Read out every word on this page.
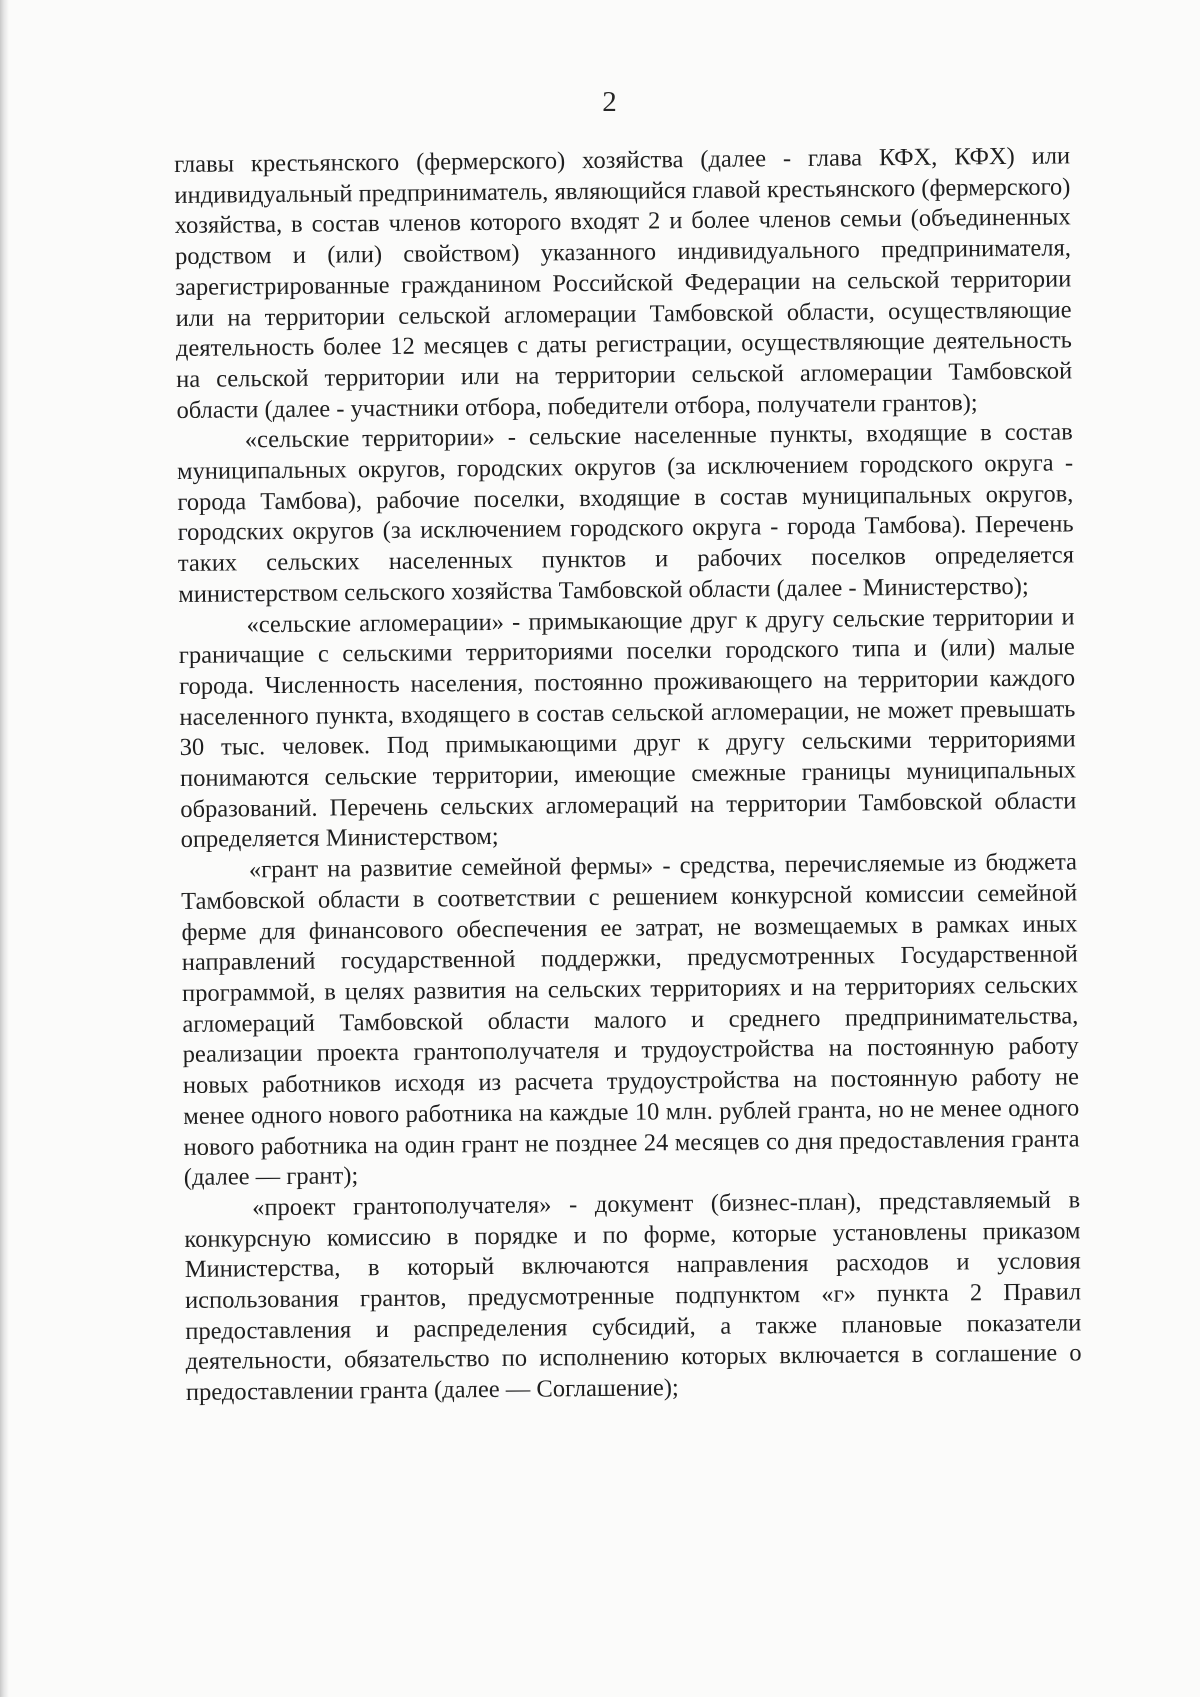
2

главы крестьянского (фермерского) хозяйства (далее - глава КФХ, КФХ) или индивидуальный предприниматель, являющийся главой крестьянского (фермерского) хозяйства, в состав членов которого входят 2 и более членов семьи (объединенных родством и (или) свойством) указанного индивидуального предпринимателя, зарегистрированные гражданином Российской Федерации на сельской территории или на территории сельской агломерации Тамбовской области, осуществляющие деятельность более 12 месяцев с даты регистрации, осуществляющие деятельность на сельской территории или на территории сельской агломерации Тамбовской области (далее - участники отбора, победители отбора, получатели грантов);

«сельские территории» - сельские населенные пункты, входящие в состав муниципальных округов, городских округов (за исключением городского округа - города Тамбова), рабочие поселки, входящие в состав муниципальных округов, городских округов (за исключением городского округа - города Тамбова). Перечень таких сельских населенных пунктов и рабочих поселков определяется министерством сельского хозяйства Тамбовской области (далее - Министерство);

«сельские агломерации» - примыкающие друг к другу сельские территории и граничащие с сельскими территориями поселки городского типа и (или) малые города. Численность населения, постоянно проживающего на территории каждого населенного пункта, входящего в состав сельской агломерации, не может превышать 30 тыс. человек. Под примыкающими друг к другу сельскими территориями понимаются сельские территории, имеющие смежные границы муниципальных образований. Перечень сельских агломераций на территории Тамбовской области определяется Министерством;

«грант на развитие семейной фермы» - средства, перечисляемые из бюджета Тамбовской области в соответствии с решением конкурсной комиссии семейной ферме для финансового обеспечения ее затрат, не возмещаемых в рамках иных направлений государственной поддержки, предусмотренных Государственной программой, в целях развития на сельских территориях и на территориях сельских агломераций Тамбовской области малого и среднего предпринимательства, реализации проекта грантополучателя и трудоустройства на постоянную работу новых работников исходя из расчета трудоустройства на постоянную работу не менее одного нового работника на каждые 10 млн. рублей гранта, но не менее одного нового работника на один грант не позднее 24 месяцев со дня предоставления гранта (далее — грант);

«проект грантополучателя» - документ (бизнес-план), представляемый в конкурсную комиссию в порядке и по форме, которые установлены приказом Министерства, в который включаются направления расходов и условия использования грантов, предусмотренные подпунктом «г» пункта 2 Правил предоставления и распределения субсидий, а также плановые показатели деятельности, обязательство по исполнению которых включается в соглашение о предоставлении гранта (далее — Соглашение);
